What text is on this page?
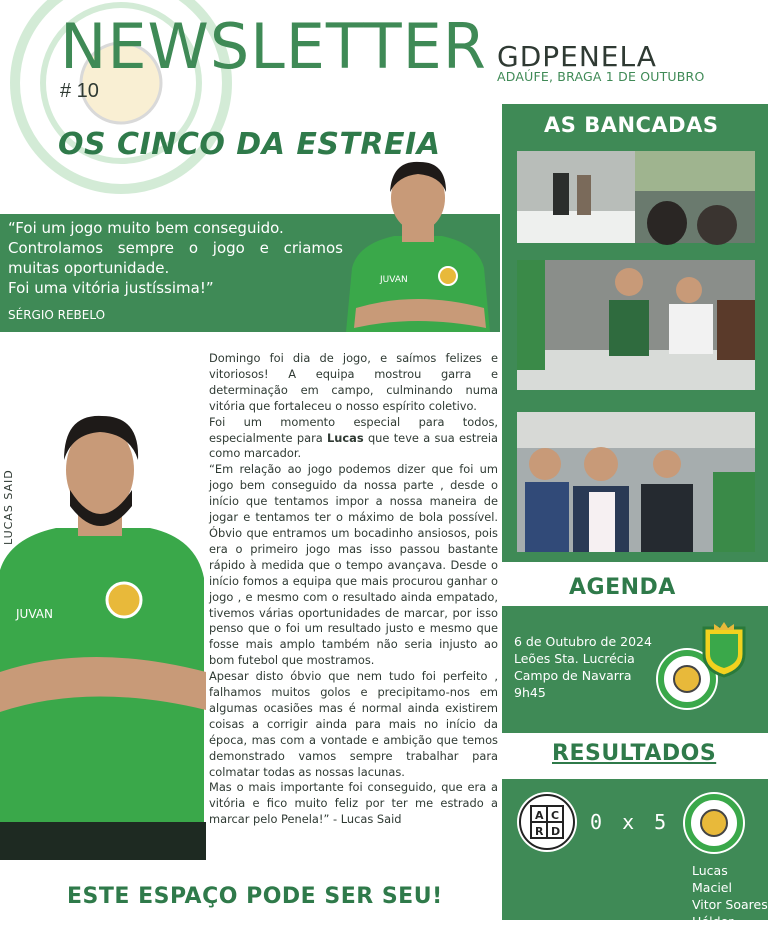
NEWSLETTER
# 10
GDPENELA
ADAÚFE, BRAGA 1 DE OUTUBRO
OS CINCO DA ESTREIA
“Foi um jogo muito bem conseguido.
Controlamos sempre o jogo e criamos muitas oportunidade.
Foi uma vitória justíssima!”
SÉRGIO REBELO
JUVAN
JUVAN
LUCAS SAID

Domingo foi dia de jogo, e saímos felizes e vitoriosos! A equipa mostrou garra e determinação em campo, culminando numa vitória que fortaleceu o nosso espírito coletivo.

Foi um momento especial para todos, especialmente para Lucas que teve a sua estreia como marcador.

“Em relação ao jogo podemos dizer que foi um jogo bem conseguido da nossa parte , desde o início que tentamos impor a nossa maneira de jogar e tentamos ter o máximo de bola possível. Óbvio que entramos um bocadinho ansiosos, pois era o primeiro jogo mas isso passou bastante rápido à medida que o tempo avançava. Desde o início fomos a equipa que mais procurou ganhar o jogo , e mesmo com o resultado ainda empatado, tivemos várias oportunidades de marcar, por isso penso que o foi um resultado justo e mesmo que fosse mais amplo também não seria injusto ao bom futebol que mostramos.

Apesar disto óbvio que nem tudo foi perfeito , falhamos muitos golos e precipitamo-nos em algumas ocasiões mas é normal ainda existirem coisas a corrigir ainda para mais no início da época, mas com a vontade e ambição que temos demonstrado vamos sempre trabalhar para colmatar todas as nossas lacunas.

Mas o mais importante foi conseguido, que era a vitória e fico muito feliz por ter me estrado a marcar pelo Penela!” - Lucas Said

ESTE ESPAÇO PODE SER SEU!
AS BANCADAS
AGENDA
6 de Outubro de 2024
Leões Sta. Lucrécia
Campo de Navarra
9h45
RESULTADOS
A C
R D 0 x 5
Lucas
Maciel
Vitor Soares
Hélder
